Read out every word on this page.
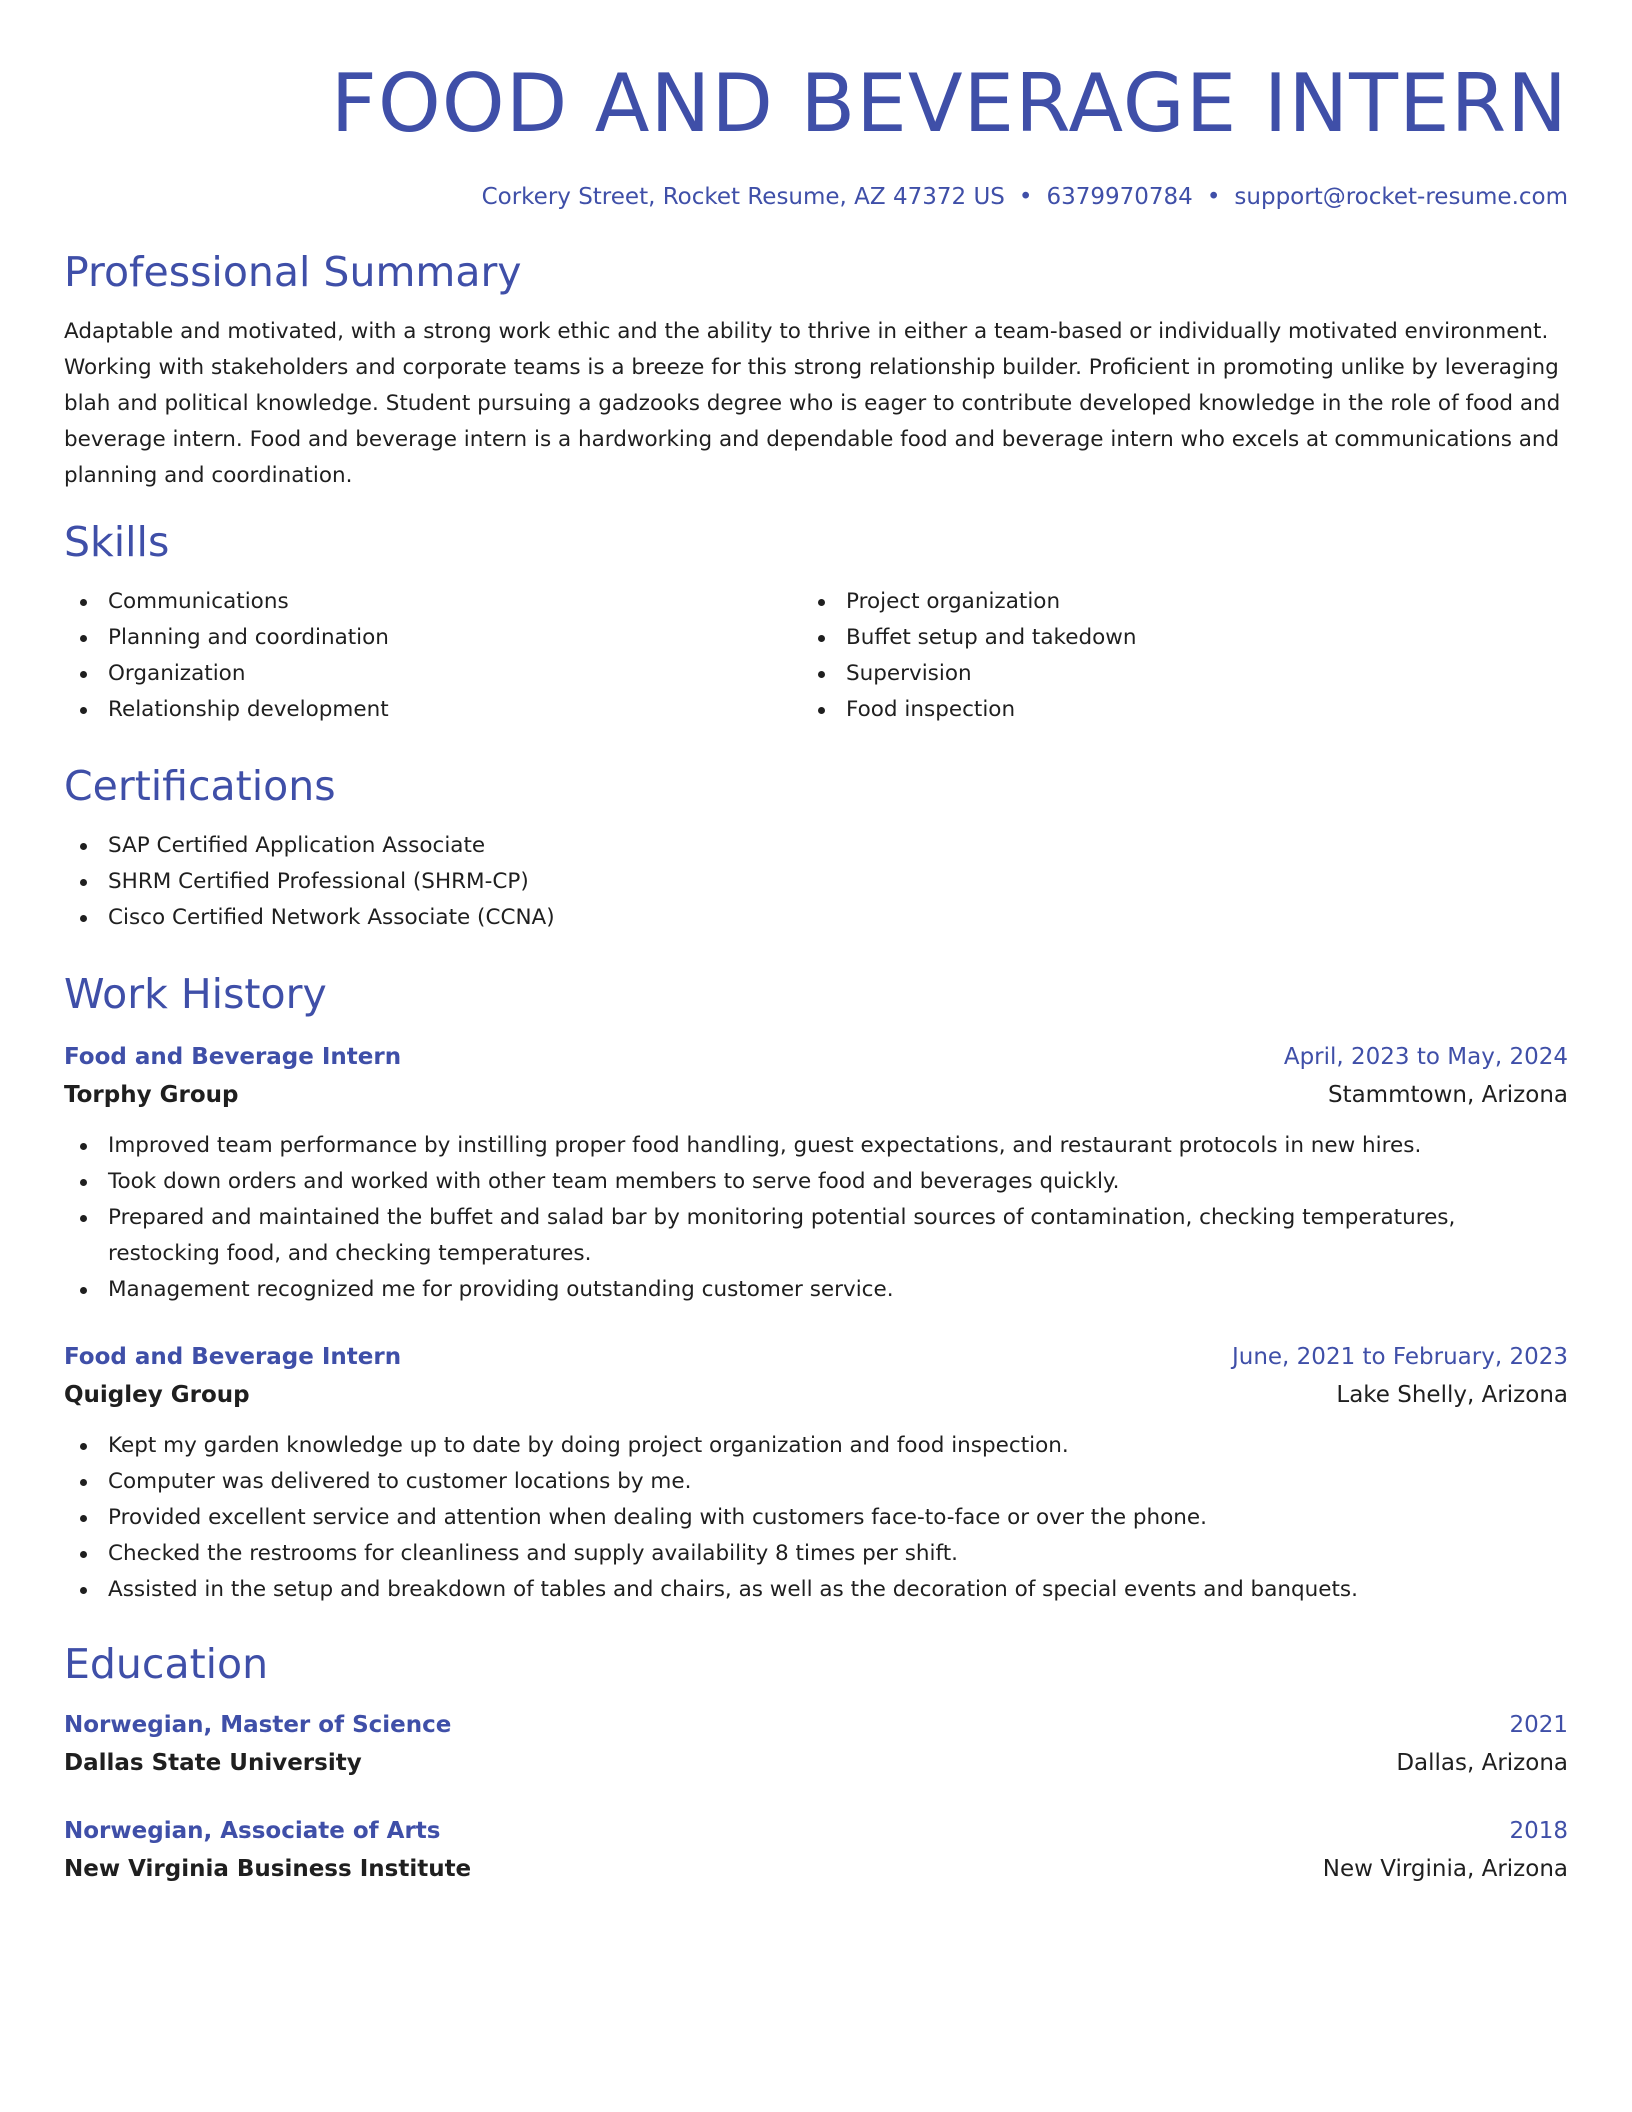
FOOD AND BEVERAGE INTERN
Corkery Street, Rocket Resume, AZ 47372 US • 6379970784 • support@rocket-resume.com
Professional Summary
Adaptable and motivated, with a strong work ethic and the ability to thrive in either a team-based or individually motivated environment. Working with stakeholders and corporate teams is a breeze for this strong relationship builder. Proficient in promoting unlike by leveraging blah and political knowledge. Student pursuing a gadzooks degree who is eager to contribute developed knowledge in the role of food and beverage intern. Food and beverage intern is a hardworking and dependable food and beverage intern who excels at communications and planning and coordination.
Skills
Communications
Planning and coordination
Organization
Relationship development
Project organization
Buffet setup and takedown
Supervision
Food inspection
Certifications
SAP Certified Application Associate
SHRM Certified Professional (SHRM-CP)
Cisco Certified Network Associate (CCNA)
Work History
Food and Beverage Intern	April, 2023 to May, 2024
Torphy Group	Stammtown, Arizona
Improved team performance by instilling proper food handling, guest expectations, and restaurant protocols in new hires.
Took down orders and worked with other team members to serve food and beverages quickly.
Prepared and maintained the buffet and salad bar by monitoring potential sources of contamination, checking temperatures, restocking food, and checking temperatures.
Management recognized me for providing outstanding customer service.
Food and Beverage Intern	June, 2021 to February, 2023
Quigley Group	Lake Shelly, Arizona
Kept my garden knowledge up to date by doing project organization and food inspection.
Computer was delivered to customer locations by me.
Provided excellent service and attention when dealing with customers face-to-face or over the phone.
Checked the restrooms for cleanliness and supply availability 8 times per shift.
Assisted in the setup and breakdown of tables and chairs, as well as the decoration of special events and banquets.
Education
Norwegian, Master of Science	2021
Dallas State University	Dallas, Arizona
Norwegian, Associate of Arts	2018
New Virginia Business Institute	New Virginia, Arizona
